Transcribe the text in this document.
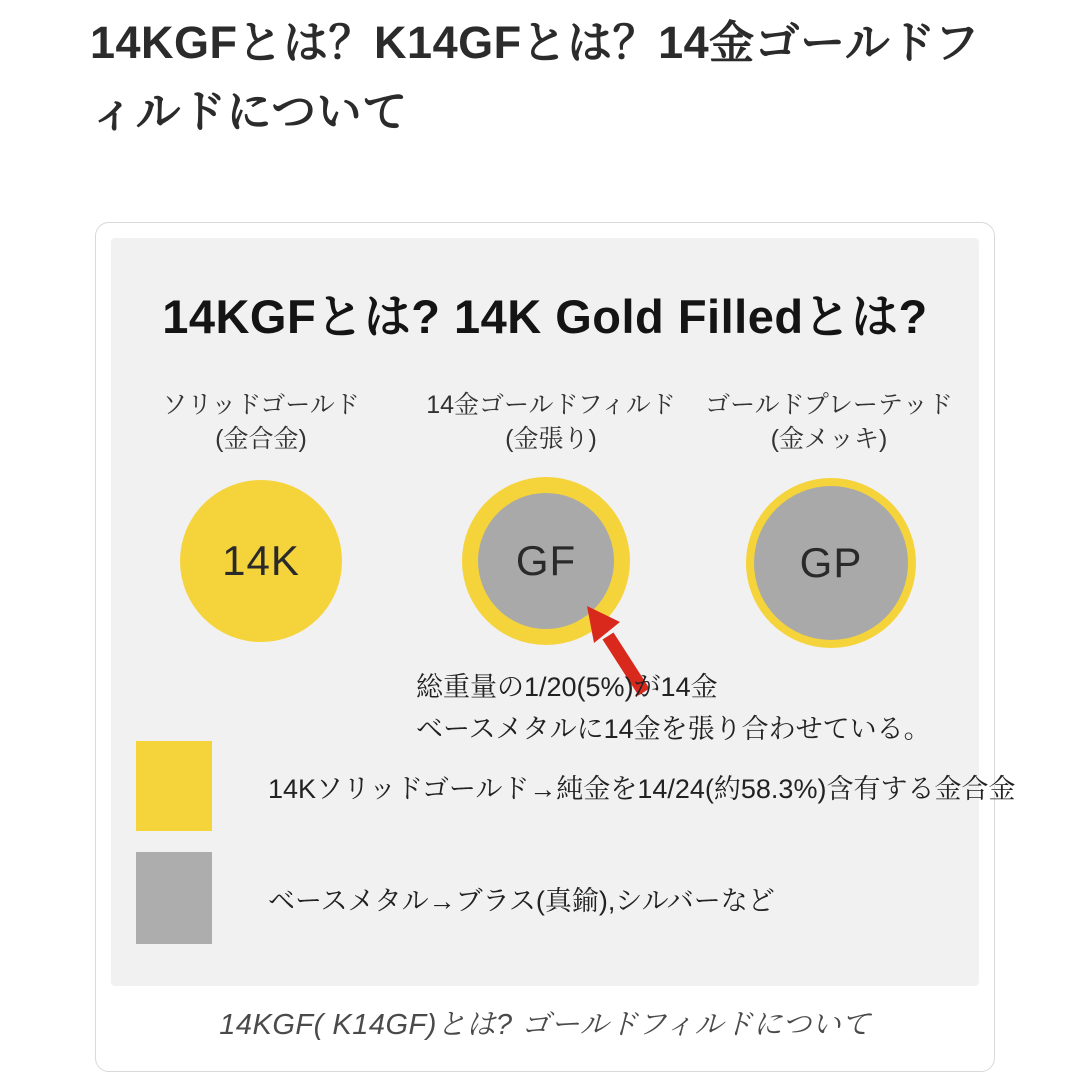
14KGFとは？K14GFとは？14金ゴールドフィルドについて
14KGFとは? 14K Gold Filledとは?
ソリッドゴールド
(金合金)
14金ゴールドフィルド
(金張り)
ゴールドプレーテッド
(金メッキ)
14K	GF	GP
総重量の1/20(5%)が14金
ベースメタルに14金を張り合わせている。
14Kソリッドゴールド→純金を14/24(約58.3%)含有する金合金
ベースメタル→ブラス(真鍮),シルバーなど
14KGF( K14GF)とは? ゴールドフィルドについて
